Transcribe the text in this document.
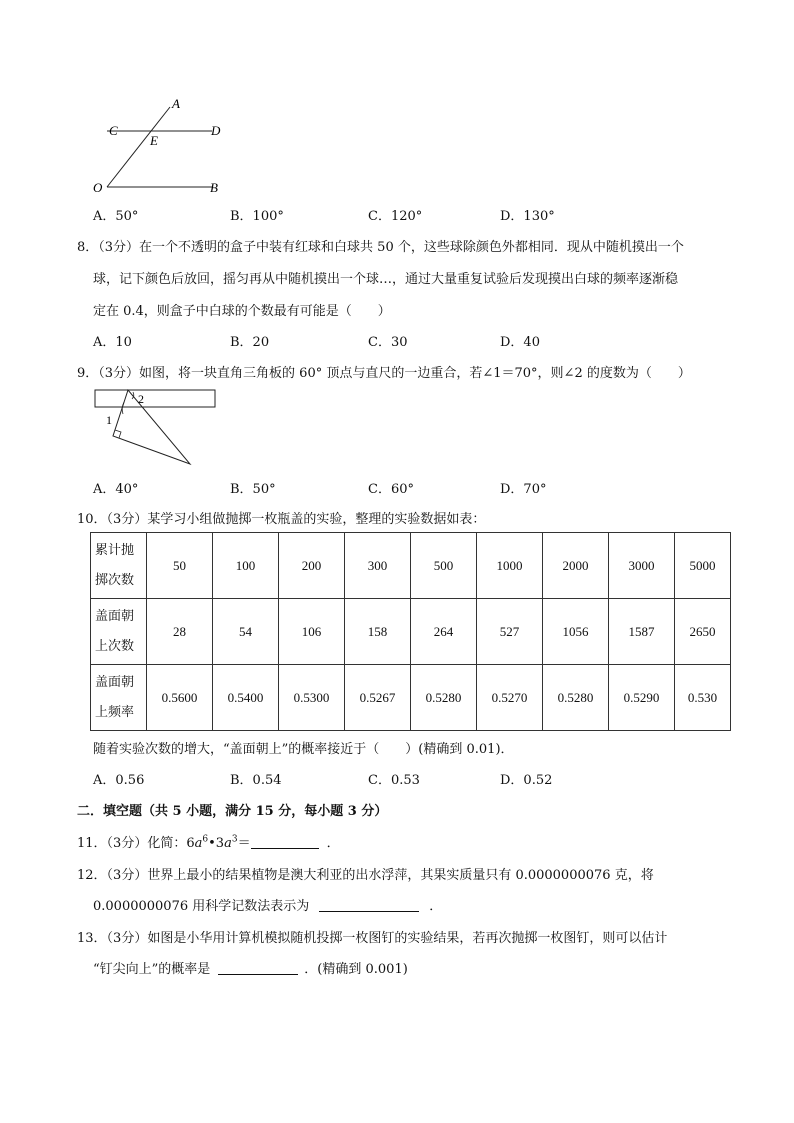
A
C
E
D
O	B
A．50°	B．100°	C．120°	D．130°
8．（3分）在一个不透明的盒子中装有红球和白球共 50 个，这些球除颜色外都相同．现从中随机摸出一个
球，记下颜色后放回，摇匀再从中随机摸出一个球…，通过大量重复试验后发现摸出白球的频率逐渐稳
定在 0.4，则盒子中白球的个数最有可能是（　　）
A．10	B．20	C．30	D．40
9．（3分）如图，将一块直角三角板的 60° 顶点与直尺的一边重合，若∠1＝70°，则∠2 的度数为（　　）
1
2
A．40°	B．50°	C．60°	D．70°
10．（3分）某学习小组做抛掷一枚瓶盖的实验，整理的实验数据如表：
累计抛
掷次数	50	100	200	300	500	1000	2000	3000	5000
盖面朝
上次数	28	54	106	158	264	527	1056	1587	2650
盖面朝
上频率	0.5600	0.5400	0.5300	0.5267	0.5280	0.5270	0.5280	0.5290	0.530
随着实验次数的增大，“盖面朝上”的概率接近于（　　）(精确到 0.01)．
A．0.56	B．0.54	C．0.53	D．0.52
二．填空题（共 5 小题，满分 15 分，每小题 3 分）
11．（3分）化简：$6a^6•3a^3=$	．
12．（3分）世界上最小的结果植物是澳大利亚的出水浮萍，其果实质量只有 0.0000000076 克，将
0.0000000076 用科学记数法表示为	．
13．（3分）如图是小华用计算机模拟随机投掷一枚图钉的实验结果，若再次抛掷一枚图钉，则可以估计
“钉尖向上”的概率是	．(精确到 0.001)
